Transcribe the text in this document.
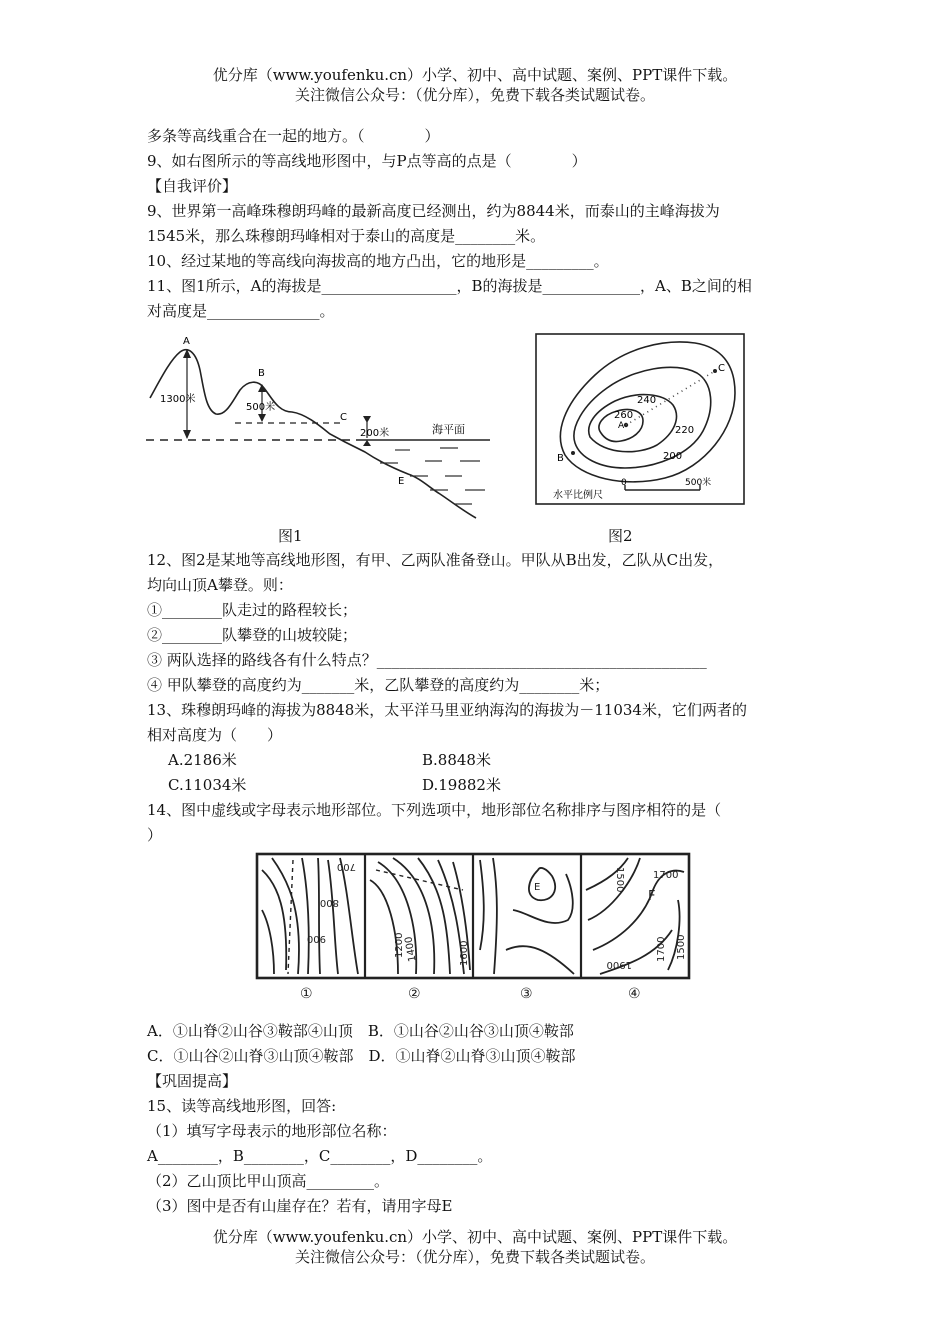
优分库（www.youfenku.cn）小学、初中、高中试题、案例、PPT课件下载。
关注微信公众号：（优分库），免费下载各类试题试卷。
多条等高线重合在一起的地方。（　　　　）
9、如右图所示的等高线地形图中，与P点等高的点是（　　　　）
【自我评价】
9、世界第一高峰珠穆朗玛峰的最新高度已经测出，约为8844米，而泰山的主峰海拔为
1545米，那么珠穆朗玛峰相对于泰山的高度是________米。
10、经过某地的等高线向海拔高的地方凸出，它的地形是_________。
11、图1所示，A的海拔是__________________，B的海拔是_____________，A、B之间的相
对高度是_______________。
A
B
C
E
1300米
500米
200米	海平面
图1
A
B
C
260
240
220
200
0	500米
水平比例尺
图2
12、图2是某地等高线地形图，有甲、乙两队准备登山。甲队从B出发，乙队从C出发，
均向山顶A攀登。则：
①________队走过的路程较长；
②________队攀登的山坡较陡；
③ 两队选择的路线各有什么特点？____________________________________________
④ 甲队攀登的高度约为_______米，乙队攀登的高度约为________米；
13、珠穆朗玛峰的海拔为8848米，太平洋马里亚纳海沟的海拔为－11034米，它们两者的
相对高度为（　　）
A.2186米	B.8848米
C.11034米	D.19882米
14、图中虚线或字母表示地形部位。下列选项中，地形部位名称排序与图序相符的是（
）
700
800
900	1200
1400	1600
E	1500	1700
F
1700 1500
1900
①	②	③	④
A．①山脊②山谷③鞍部④山顶　B．①山谷②山谷③山顶④鞍部
C．①山谷②山脊③山顶④鞍部　D．①山脊②山脊③山顶④鞍部
【巩固提高】
15、读等高线地形图，回答:
（1）填写字母表示的地形部位名称：
A________，B________，C________，D________。
（2）乙山顶比甲山顶高_________。
（3）图中是否有山崖存在？若有，请用字母E
优分库（www.youfenku.cn）小学、初中、高中试题、案例、PPT课件下载。
关注微信公众号：（优分库），免费下载各类试题试卷。
